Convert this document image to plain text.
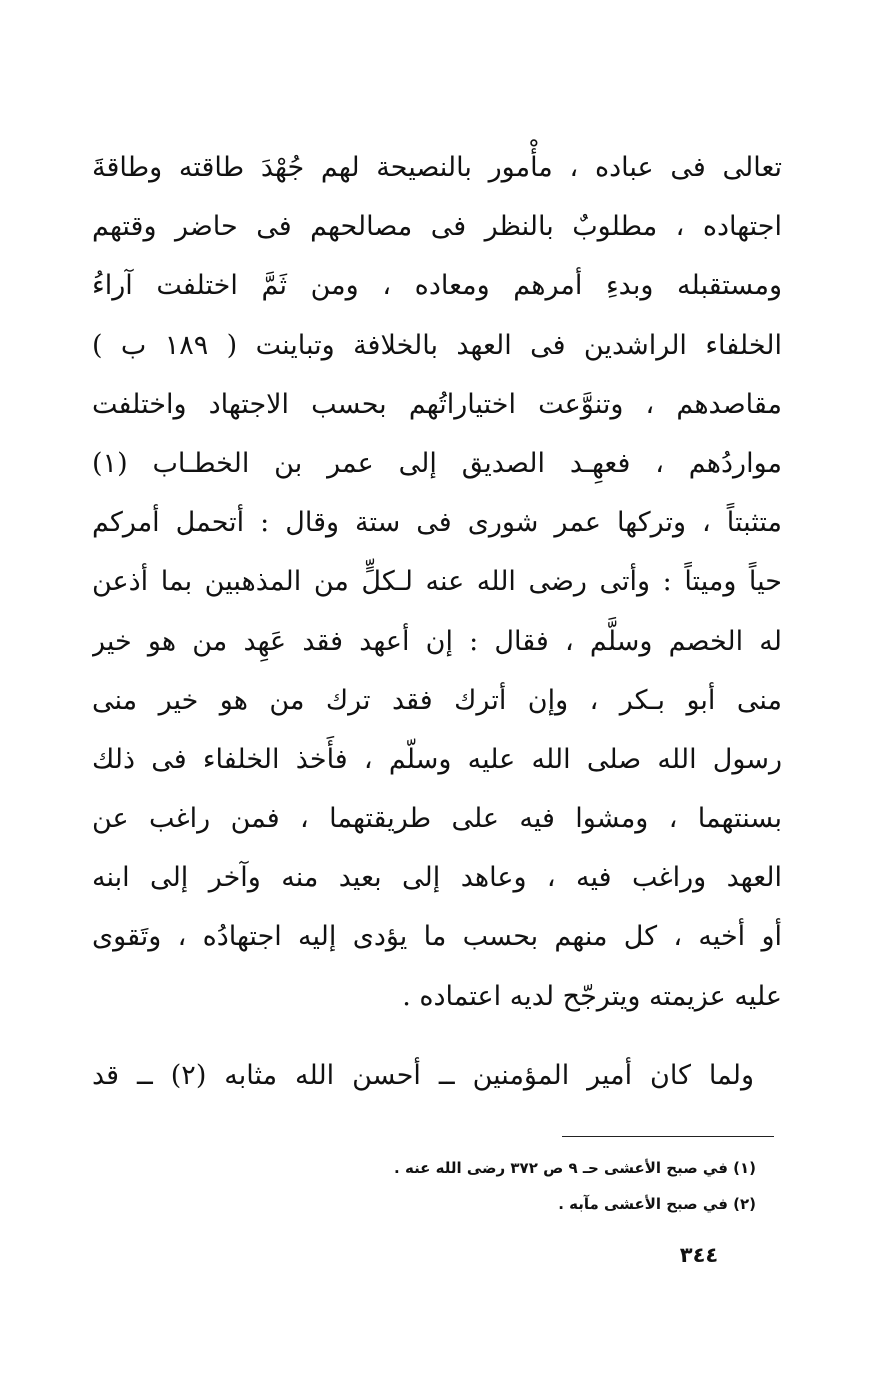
تعالى فى عباده ، مأْمور بالنصيحة لهم جُهْدَ طاقته وطاقةَ
اجتهاده ، مطلوبٌ بالنظر فى مصالحهم فى حاضر وقتهم
ومستقبله وبدءِ أمرهم ومعاده ، ومن ثَمَّ اختلفت آراءُ
الخلفاء الراشدين فى العهد بالخلافة وتباينت ( ١٨٩ ب )
مقاصدهم ، وتنوَّعت اختياراتُهم بحسب الاجتهاد واختلفت
مواردُهم ، فعهِـد الصديق إلى عمر بن الخطـاب (١)
متثبتاً ، وتركها عمر شورى فى ستة وقال : أتحمل أمركم
حياً وميتاً : وأتى رضى الله عنه لـكلٍّ من المذهبين بما أذعن
له الخصم وسلَّم ، فقال : إن أعهد فقد عَهِد من هو خير
منى أبو بـكر ، وإن أترك فقد ترك من هو خير منى
رسول الله صلى الله عليه وسلّم ، فأَخذ الخلفاء فى ذلك
بسنتهما ، ومشوا فيه على طريقتهما ، فمن راغب عن
العهد وراغب فيه ، وعاهد إلى بعيد منه وآخر إلى ابنه
أو أخيه ، كل منهم بحسب ما يؤدى إليه اجتهادُه ، وتَقوى
عليه عزيمته ويترجّح لديه اعتماده .
ولما كان أمير المؤمنين ــ أحسن الله مثابه (٢) ــ قد
(١) في صبح الأعشى حـ ٩ ص ٣٧٢ رضى الله عنه .
(٢) في صبح الأعشى مآبه .
٣٤٤
